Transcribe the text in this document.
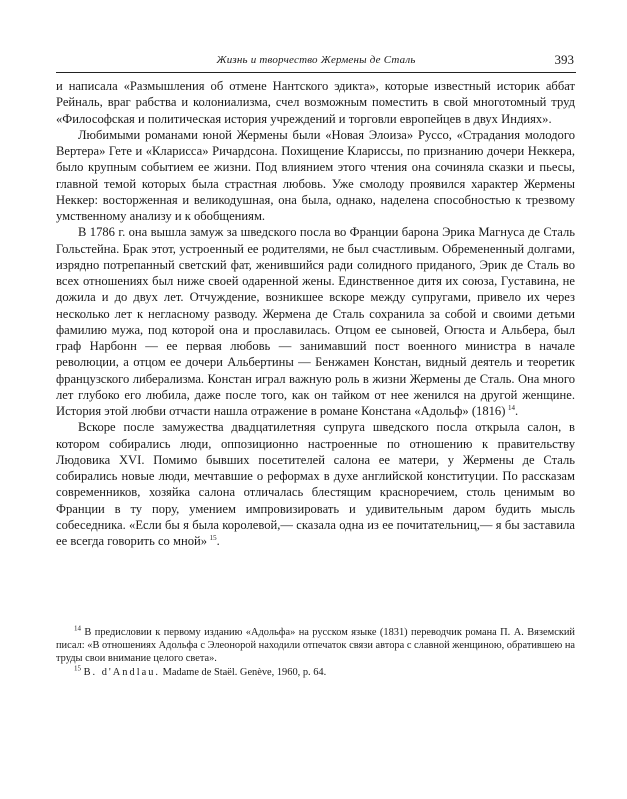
Жизнь и творчество Жермены де Сталь	393

и написала «Размышления об отмене Нантского эдикта», которые известный историк аббат Рейналь, враг рабства и колониализма, счел возможным поместить в свой многотомный труд «Философская и политическая история учреждений и торговли европейцев в двух Индиях».

Любимыми романами юной Жермены были «Новая Элоиза» Руссо, «Страдания молодого Вертера» Гете и «Кларисса» Ричардсона. Похищение Клариссы, по признанию дочери Неккера, было крупным событием ее жизни. Под влиянием этого чтения она сочиняла сказки и пьесы, главной темой которых была страстная любовь. Уже смолоду проявился характер Жермены Неккер: восторженная и великодушная, она была, однако, наделена способностью к трезвому умственному анализу и к обобщениям.

В 1786 г. она вышла замуж за шведского посла во Франции барона Эрика Магнуса де Сталь Гольстейна. Брак этот, устроенный ее родителями, не был счастливым. Обремененный долгами, изрядно потрепанный светский фат, женившийся ради солидного приданого, Эрик де Сталь во всех отношениях был ниже своей одаренной жены. Единственное дитя их союза, Густавина, не дожила и до двух лет. Отчуждение, возникшее вскоре между супругами, привело их через несколько лет к негласному разводу. Жермена де Сталь сохранила за собой и своими детьми фамилию мужа, под которой она и прославилась. Отцом ее сыновей, Огюста и Альбера, был граф Нарбонн — ее первая любовь — занимавший пост военного министра в начале революции, а отцом ее дочери Альбертины — Бенжамен Констан, видный деятель и теоретик французского либерализма. Констан играл важную роль в жизни Жермены де Сталь. Она много лет глубоко его любила, даже после того, как он тайком от нее женился на другой женщине. История этой любви отчасти нашла отражение в романе Констана «Адольф» (1816)  $^{14}$.

Вскоре после замужества двадцатилетняя супруга шведского посла открыла салон, в котором собирались люди, оппозиционно настроенные по отношению к правительству Людовика XVI. Помимо бывших посетителей салона ее матери, у Жермены де Сталь собирались новые люди, мечтавшие о реформах в духе английской конституции. По рассказам современников, хозяйка салона отличалась блестящим красноречием, столь ценимым во Франции в ту пору, умением импровизировать и удивительным даром будить мысль собеседника. «Если бы я была королевой,— сказала одна из ее почитательниц,— я бы заставила ее всегда говорить со мной»  $^{15}$.

$^{14}$ В предисловии к первому изданию «Адольфа» на русском языке (1831) переводчик романа П. А. Вяземский писал: «В отношениях Адольфа с Элеонорой находили отпечаток связи автора с славной женщиною, обратившею на труды свои внимание целого света».

$^{15}$ B. d'Andlau. Madame de Staël. Genève, 1960, p. 64.
